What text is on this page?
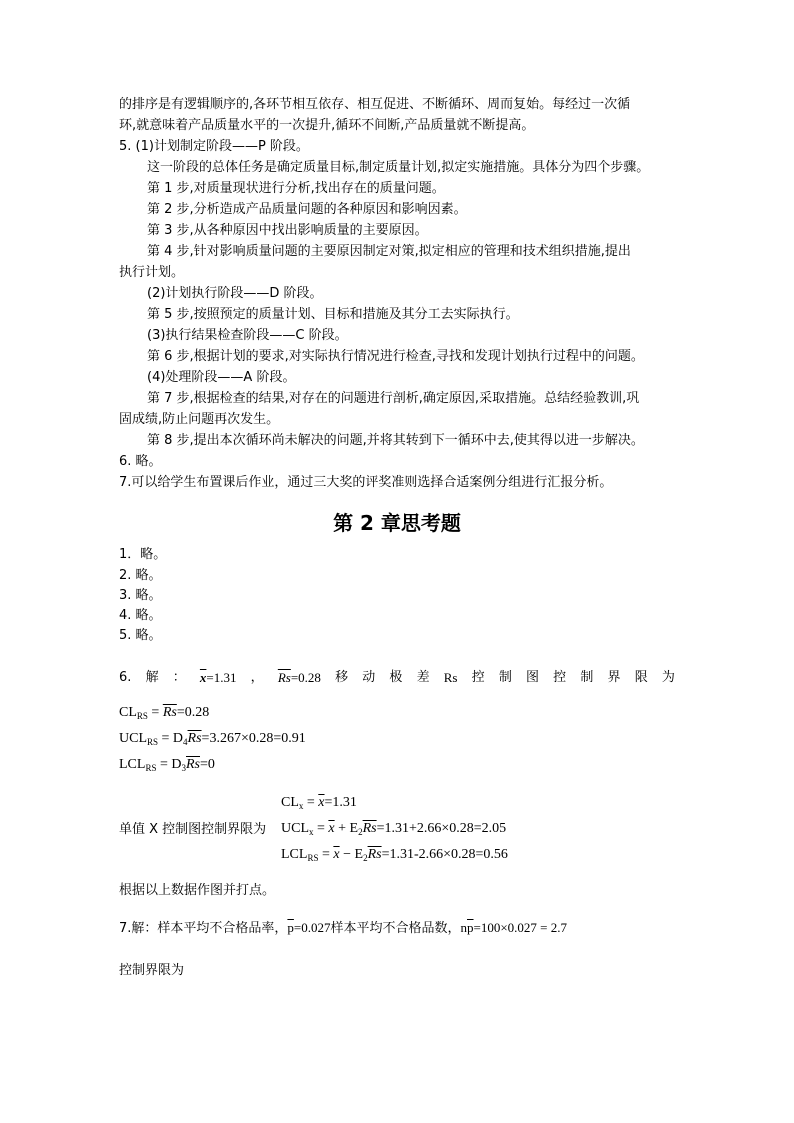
的排序是有逻辑顺序的,各环节相互依存、相互促进、不断循环、周而复始。每经过一次循
环,就意味着产品质量水平的一次提升,循环不间断,产品质量就不断提高。
5. (1)计划制定阶段——P 阶段。
这一阶段的总体任务是确定质量目标,制定质量计划,拟定实施措施。具体分为四个步骤。
第 1 步,对质量现状进行分析,找出存在的质量问题。
第 2 步,分析造成产品质量问题的各种原因和影响因素。
第 3 步,从各种原因中找出影响质量的主要原因。
第 4 步,针对影响质量问题的主要原因制定对策,拟定相应的管理和技术组织措施,提出
执行计划。
(2)计划执行阶段——D 阶段。
第 5 步,按照预定的质量计划、目标和措施及其分工去实际执行。
(3)执行结果检查阶段——C 阶段。
第 6 步,根据计划的要求,对实际执行情况进行检查,寻找和发现计划执行过程中的问题。
(4)处理阶段——A 阶段。
第 7 步,根据检查的结果,对存在的问题进行剖析,确定原因,采取措施。总结经验教训,巩
固成绩,防止问题再次发生。
第 8 步,提出本次循环尚未解决的问题,并将其转到下一循环中去,使其得以进一步解决。
6. 略。
7.可以给学生布置课后作业，通过三大奖的评奖准则选择合适案例分组进行汇报分析。
第 2 章思考题
1．略。
2. 略。
3. 略。
4. 略。
5. 略。
6. 解 ： $\overline{x}=1.31$ ， $\overline{Rs}=0.28$ 移 动 极 差 Rs 控 制 图 控 制 界 限 为
$CL_{RS} = \overline{Rs}=0.28$
$UCL_{RS} = D_4\overline{Rs}=3.267\times 0.28=0.91$
$LCL_{RS} = D_3\overline{Rs}=0$
$CL_x = \overline{x}=1.31$
单值 X 控制图控制界限为 $UCL_x = \overline{x} + E_2\overline{Rs}=1.31+2.66\times 0.28=2.05$
$LCL_{RS} = \overline{x} - E_2\overline{Rs}=1.31-2.66\times 0.28=0.56$
根据以上数据作图并打点。
7.解：样本平均不合格品率，$\overline{p}=0.027$样本平均不合格品数，$n\overline{p}=100\times 0.027 = 2.7$
控制界限为
